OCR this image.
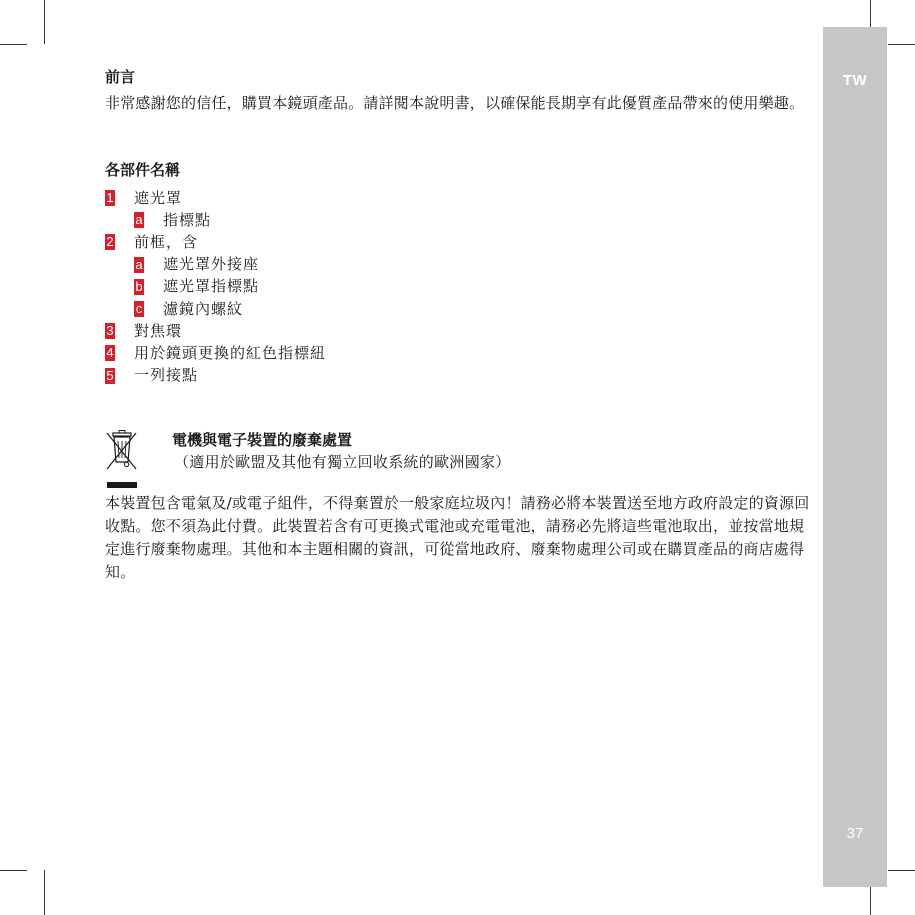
TW
37
前言

非常感謝您的信任，購買本鏡頭產品。請詳閱本說明書，以確保能長期享有此優質產品帶來的使用樂趣。

各部件名稱
1 遮光罩
a 指標點
2 前框，含
a 遮光罩外接座
b 遮光罩指標點
c 濾鏡內螺紋
3 對焦環
4 用於鏡頭更換的紅色指標紐
5 一列接點
電機與電子裝置的廢棄處置
（適用於歐盟及其他有獨立回收系統的歐洲國家）

本裝置包含電氣及/或電子組件，不得棄置於一般家庭垃圾內！請務必將本裝置送至地方政府設定的資源回收點。您不須為此付費。此裝置若含有可更換式電池或充電電池，請務必先將這些電池取出，並按當地規定進行廢棄物處理。其他和本主題相關的資訊，可從當地政府、廢棄物處理公司或在購買產品的商店處得知。
